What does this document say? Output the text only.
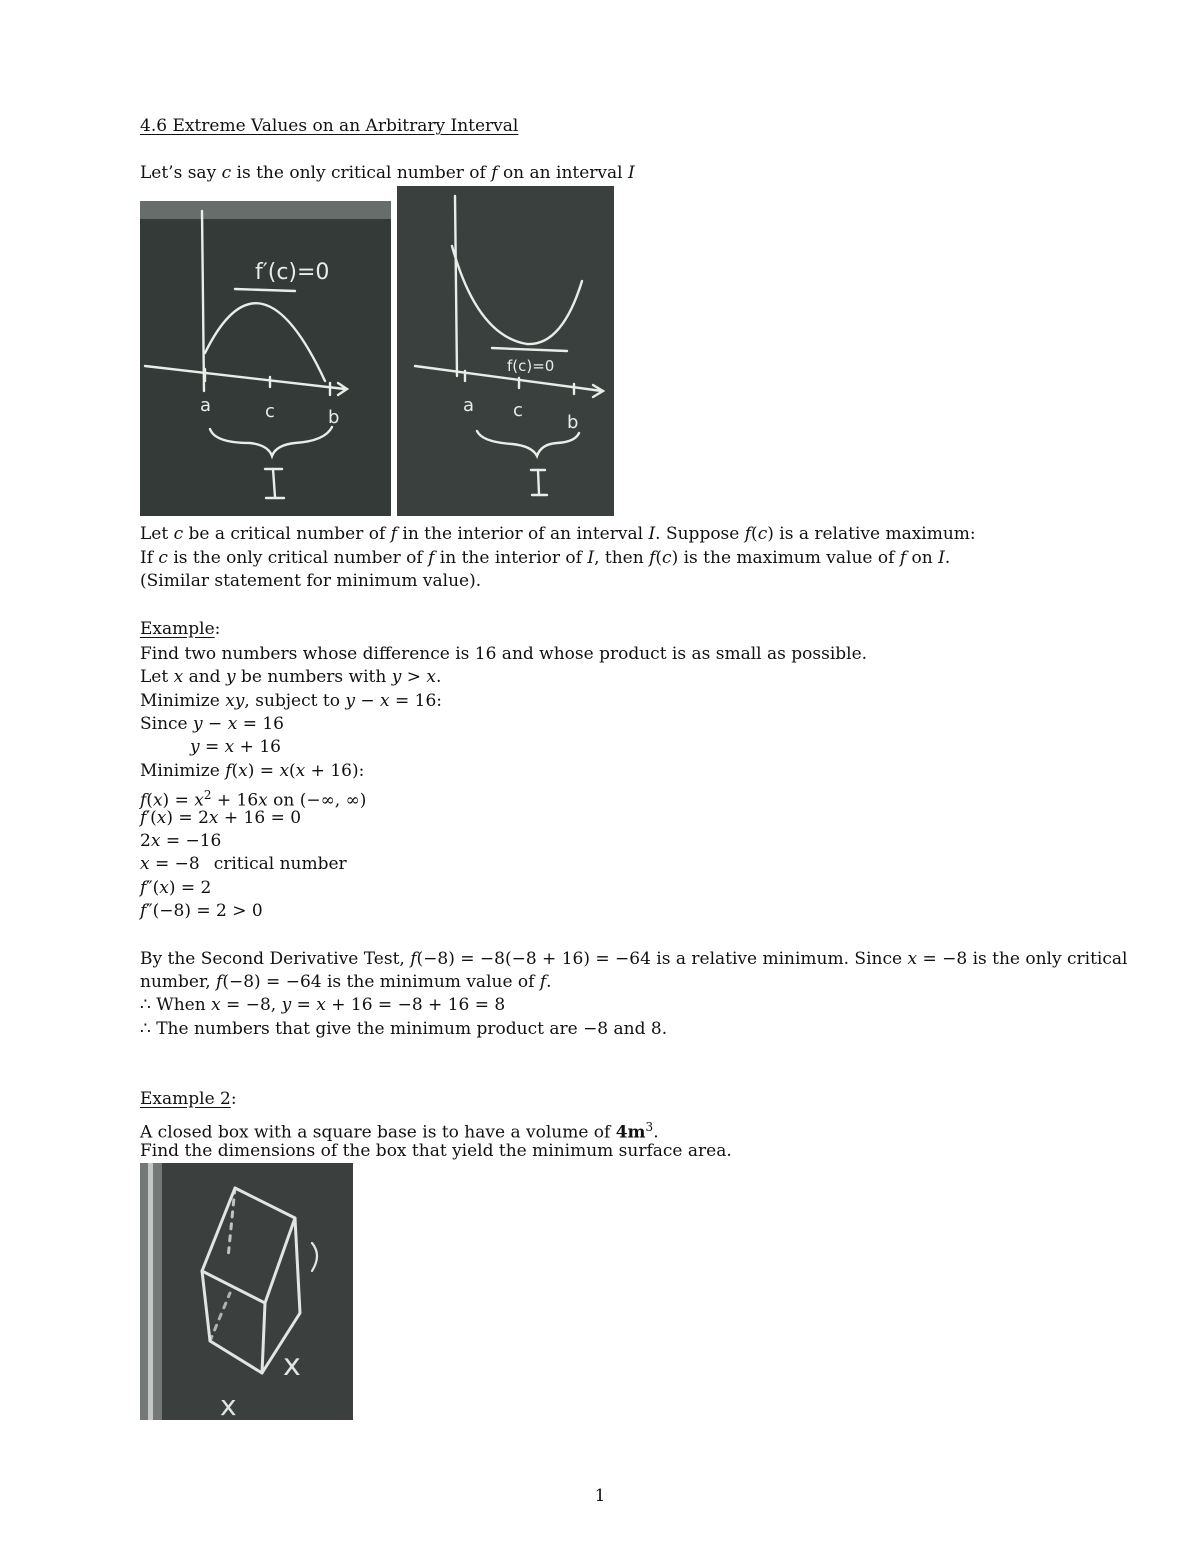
4.6 Extreme Values on an Arbitrary Interval
Let’s say c is the only critical number of f on an interval I
f′(c)=0
a	c	b
f(c)=0
a c
b
Let c be a critical number of f in the interior of an interval I. Suppose f(c) is a relative maximum:
If c is the only critical number of f in the interior of I, then f(c) is the maximum value of f on I.
(Similar statement for minimum value).
Example:
Find two numbers whose difference is 16 and whose product is as small as possible.
Let x and y be numbers with y > x.
Minimize xy, subject to y − x = 16:
Since y − x = 16
y = x + 16
Minimize f(x) = x(x + 16):
$f(x) = x^2 + 16x$ on (−∞, ∞)
f′(x) = 2x + 16 = 0
2x = −16
x = −8 critical number
f″(x) = 2
f″(−8) = 2 > 0
By the Second Derivative Test, f(−8) = −8(−8 + 16) = −64 is a relative minimum. Since x = −8 is the only critical
number, f(−8) = −64 is the minimum value of f.
∴ When x = −8, y = x + 16 = −8 + 16 = 8
∴ The numbers that give the minimum product are −8 and 8.
Example 2:
A closed box with a square base is to have a volume of $4m^3$.
Find the dimensions of the box that yield the minimum surface area.
x
x
1
